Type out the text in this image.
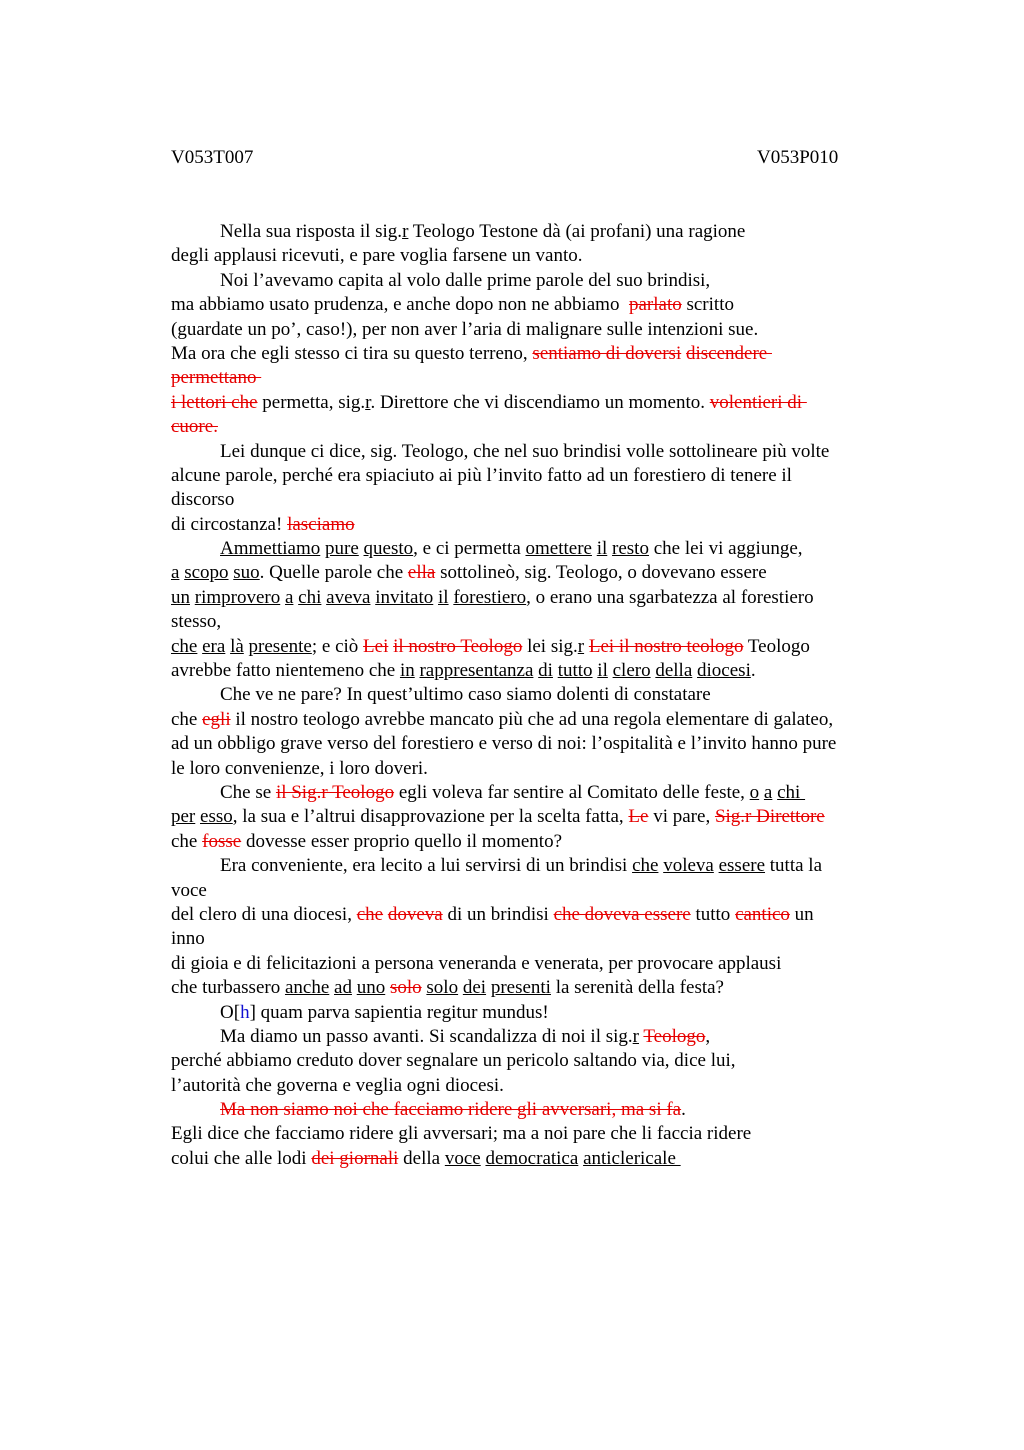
V053T007	V053P010
Nella sua risposta il sig.r Teologo Testone dà (ai profani) una ragione
degli applausi ricevuti, e pare voglia farsene un vanto.
Noi l’avevamo capita al volo dalle prime parole del suo brindisi,
ma abbiamo usato prudenza, e anche dopo non ne abbiamo  parlato scritto
(guardate un po’, caso!), per non aver l’aria di malignare sulle intenzioni sue.
Ma ora che egli stesso ci tira su questo terreno, sentiamo di doversi discendere
permettano
i lettori che permetta, sig.r. Direttore che vi discendiamo un momento. volentieri di
cuore.
Lei dunque ci dice, sig. Teologo, che nel suo brindisi volle sottolineare più volte
alcune parole, perché era spiaciuto ai più l’invito fatto ad un forestiero di tenere il
discorso
di circostanza! lasciamo
Ammettiamo pure questo, e ci permetta omettere il resto che lei vi aggiunge,
a scopo suo. Quelle parole che ella sottolineò, sig. Teologo, o dovevano essere
un rimprovero a chi aveva invitato il forestiero, o erano una sgarbatezza al forestiero
stesso,
che era là presente; e ciò Lei il nostro Teologo lei sig.r Lei il nostro teologo Teologo
avrebbe fatto nientemeno che in rappresentanza di tutto il clero della diocesi.
Che ve ne pare? In quest’ultimo caso siamo dolenti di constatare
che egli il nostro teologo avrebbe mancato più che ad una regola elementare di galateo,
ad un obbligo grave verso del forestiero e verso di noi: l’ospitalità e l’invito hanno pure
le loro convenienze, i loro doveri.
Che se il Sig.r Teologo egli voleva far sentire al Comitato delle feste, o a chi
per esso, la sua e l’altrui disapprovazione per la scelta fatta, Le vi pare, Sig.r Direttore
che fosse dovesse esser proprio quello il momento?
Era conveniente, era lecito a lui servirsi di un brindisi che voleva essere tutta la
voce
del clero di una diocesi, che doveva di un brindisi che doveva essere tutto cantico un
inno
di gioia e di felicitazioni a persona veneranda e venerata, per provocare applausi
che turbassero anche ad uno solo solo dei presenti la serenità della festa?
O[h] quam parva sapientia regitur mundus!
Ma diamo un passo avanti. Si scandalizza di noi il sig.r Teologo,
perché abbiamo creduto dover segnalare un pericolo saltando via, dice lui,
l’autorità che governa e veglia ogni diocesi.
Ma non siamo noi che facciamo ridere gli avversari, ma si fa.
Egli dice che facciamo ridere gli avversari; ma a noi pare che li faccia ridere
colui che alle lodi dei giornali della voce democratica anticlericale
